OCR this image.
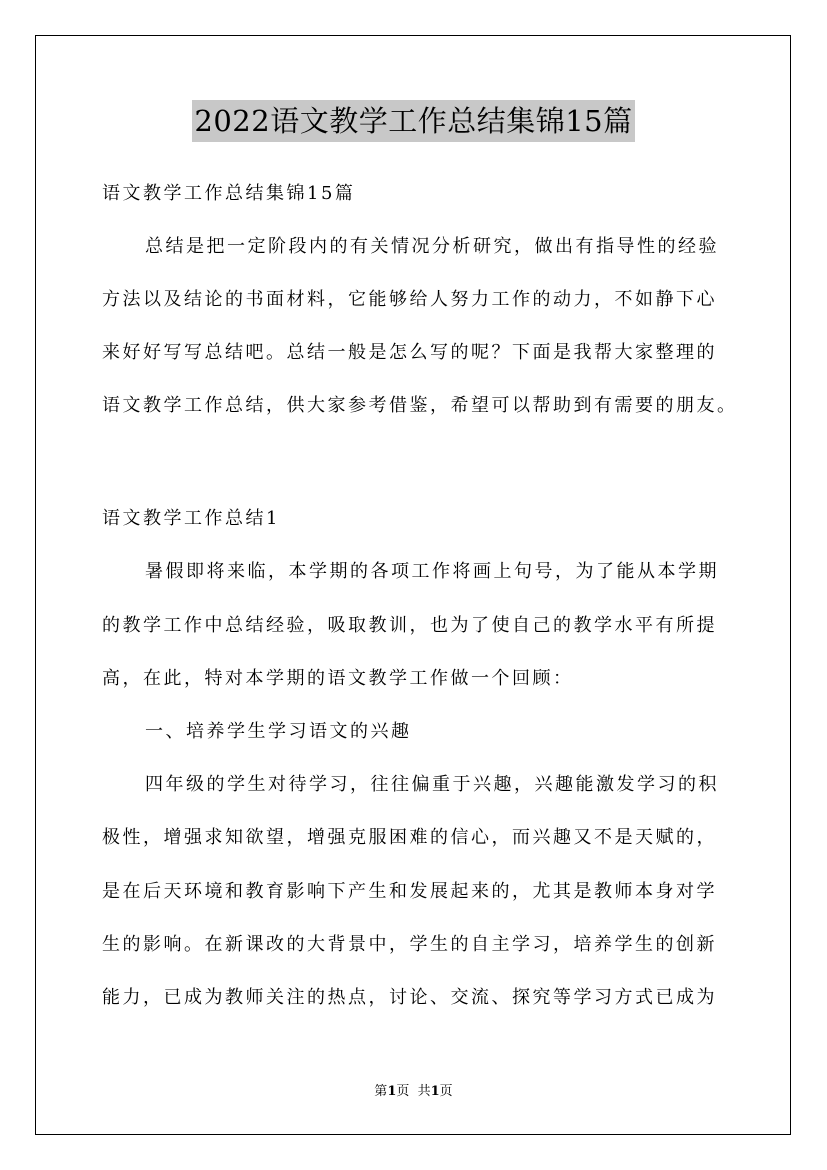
2022语文教学工作总结集锦15篇
语文教学工作总结集锦15篇
总结是把一定阶段内的有关情况分析研究，做出有指导性的经验
方法以及结论的书面材料，它能够给人努力工作的动力，不如静下心
来好好写写总结吧。总结一般是怎么写的呢？下面是我帮大家整理的
语文教学工作总结，供大家参考借鉴，希望可以帮助到有需要的朋友。
语文教学工作总结1
暑假即将来临，本学期的各项工作将画上句号，为了能从本学期
的教学工作中总结经验，吸取教训，也为了使自己的教学水平有所提
高，在此，特对本学期的语文教学工作做一个回顾：
一、培养学生学习语文的兴趣
四年级的学生对待学习，往往偏重于兴趣，兴趣能激发学习的积
极性，增强求知欲望，增强克服困难的信心，而兴趣又不是天赋的，
是在后天环境和教育影响下产生和发展起来的，尤其是教师本身对学
生的影响。在新课改的大背景中，学生的自主学习，培养学生的创新
能力，已成为教师关注的热点，讨论、交流、探究等学习方式已成为
第1页  共1页
